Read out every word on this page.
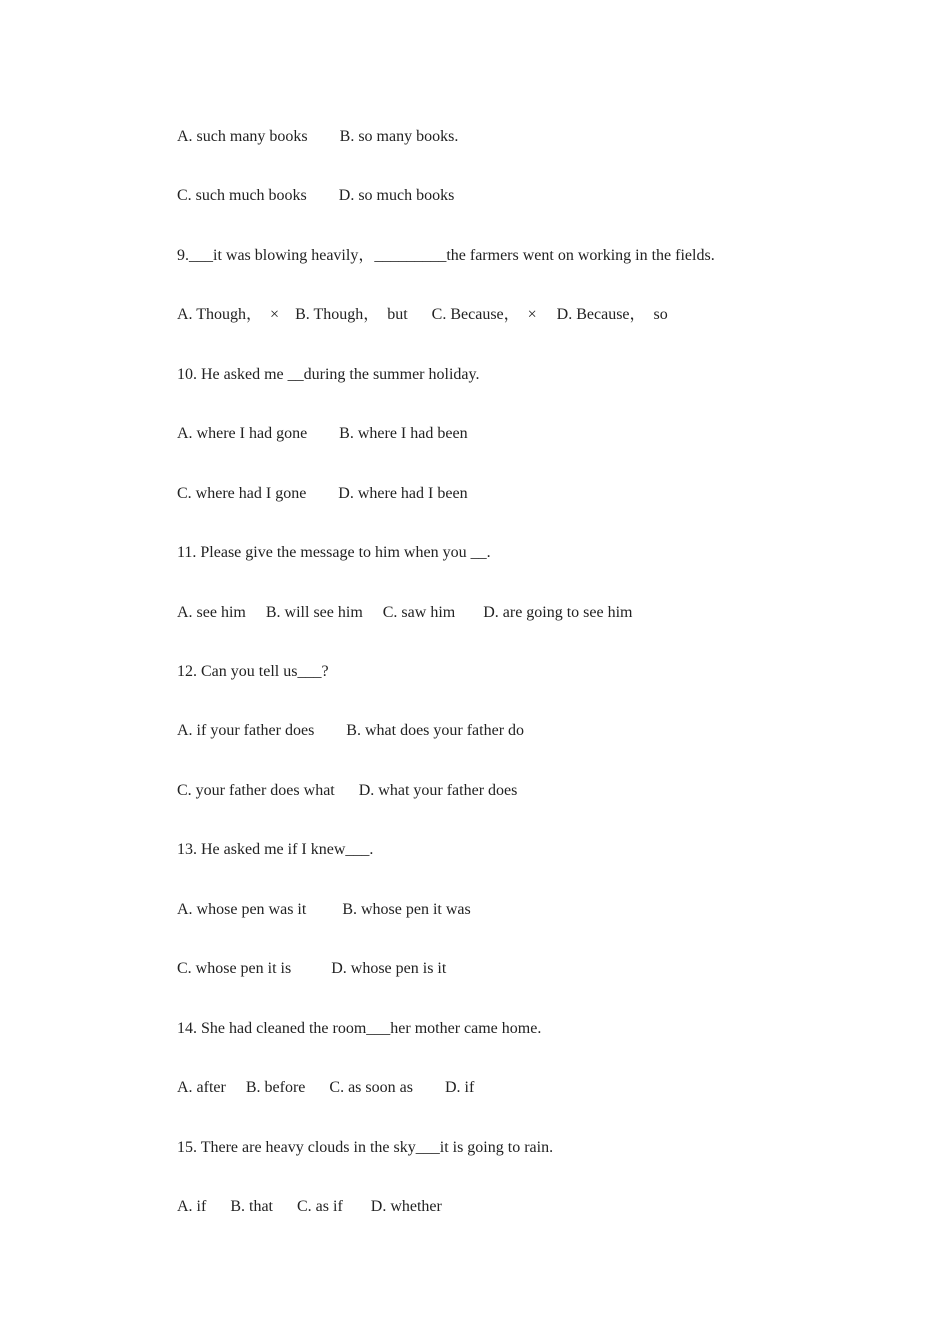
A. such many books        B. so many books.
C. such much books        D. so much books
9.___it was blowing heavily，_________the farmers went on working in the fields.
A. Though，  ×    B. Though，  but      C. Because，  ×     D. Because，  so
10. He asked me __during the summer holiday.
A. where I had gone        B. where I had been
C. where had I gone        D. where had I been
11. Please give the message to him when you __.
A. see him     B. will see him     C. saw him       D. are going to see him
12. Can you tell us___?
A. if your father does        B. what does your father do
C. your father does what      D. what your father does
13. He asked me if I knew___.
A. whose pen was it         B. whose pen it was
C. whose pen it is          D. whose pen is it
14. She had cleaned the room___her mother came home.
A. after     B. before      C. as soon as        D. if
15. There are heavy clouds in the sky___it is going to rain.
A. if      B. that      C. as if       D. whether
